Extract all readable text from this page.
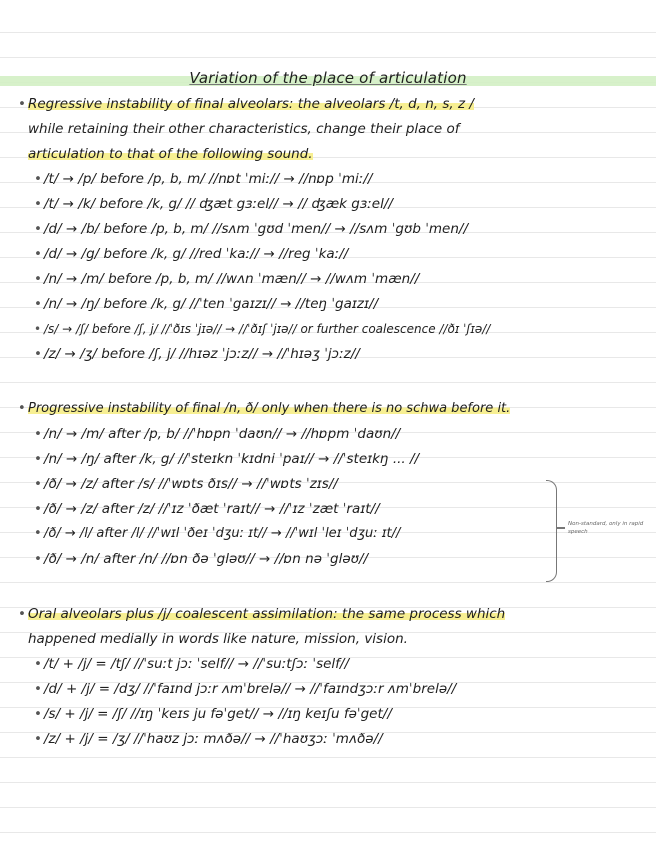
Variation of the place of articulation
• Regressive instability of final alveolars: the alveolars /t, d, n, s, z /
while retaining their other characteristics, change their place of
articulation to that of the following sound.
• /t/ → /p/ before /p, b, m/ //nɒt ˈmiː// → //nɒp ˈmiː//
• /t/ → /k/ before /k, g/ // ʤæt gɜːel// → // ʤæk gɜːel//
• /d/ → /b/ before /p, b, m/ //sʌm ˈgʊd ˈmen// → //sʌm ˈgʊb ˈmen//
• /d/ → /g/ before /k, g/ //red ˈkaː// → //reg ˈkaː//
• /n/ → /m/ before /p, b, m/ //wʌn ˈmæn// → //wʌm ˈmæn//
• /n/ → /ŋ/ before /k, g/ //ˈten ˈgaɪzɪ// → //teŋ ˈgaɪzɪ//
• /s/ → /ʃ/ before /ʃ, j/ //ˈðɪs ˈjɪə// → //ˈðɪʃ ˈjɪə// or further coalescence //ðɪ ˈʃɪə//
• /z/ → /ʒ/ before /ʃ, j/ //hɪəz ˈjɔːz// → //ˈhɪəʒ ˈjɔːz//
• Progressive instability of final /n, ð/ only when there is no schwa before it.
• /n/ → /m/ after /p, b/ //ˈhɒpn ˈdaʊn// → //hɒpm ˈdaʊn//
• /n/ → /ŋ/ after /k, g/ //ˈsteɪkn ˈkɪdni ˈpaɪ// → //ˈsteɪkŋ ... //
• /ð/ → /z/ after /s/ //ˈwɒts ðɪs// → //ˈwɒts ˈzɪs//
• /ð/ → /z/ after /z/ //ˈɪz ˈðæt ˈraɪt// → //ˈɪz ˈzæt ˈraɪt//
• /ð/ → /l/ after /l/ //ˈwɪl ˈðeɪ ˈdʒuː ɪt// → //ˈwɪl ˈleɪ ˈdʒuː ɪt//
• /ð/ → /n/ after /n/ //ɒn ðə ˈgləʊ// → //ɒn nə ˈgləʊ//
Non-standard, only in rapid speech
• Oral alveolars plus /j/ coalescent assimilation: the same process which
happened medially in words like nature, mission, vision.
• /t/ + /j/ = /tʃ/ //ˈsuːt jɔː ˈself// → //ˈsuːtʃɔː ˈself//
• /d/ + /j/ = /dʒ/ //ˈfaɪnd jɔːr ʌmˈbrelə// → //ˈfaɪndʒɔːr ʌmˈbrelə//
• /s/ + /j/ = /ʃ/ //ɪŋ ˈkeɪs ju fəˈget// → //ɪŋ keɪʃu fəˈget//
• /z/ + /j/ = /ʒ/ //ˈhaʊz jɔː mʌðə// → //ˈhaʊʒɔː ˈmʌðə//
